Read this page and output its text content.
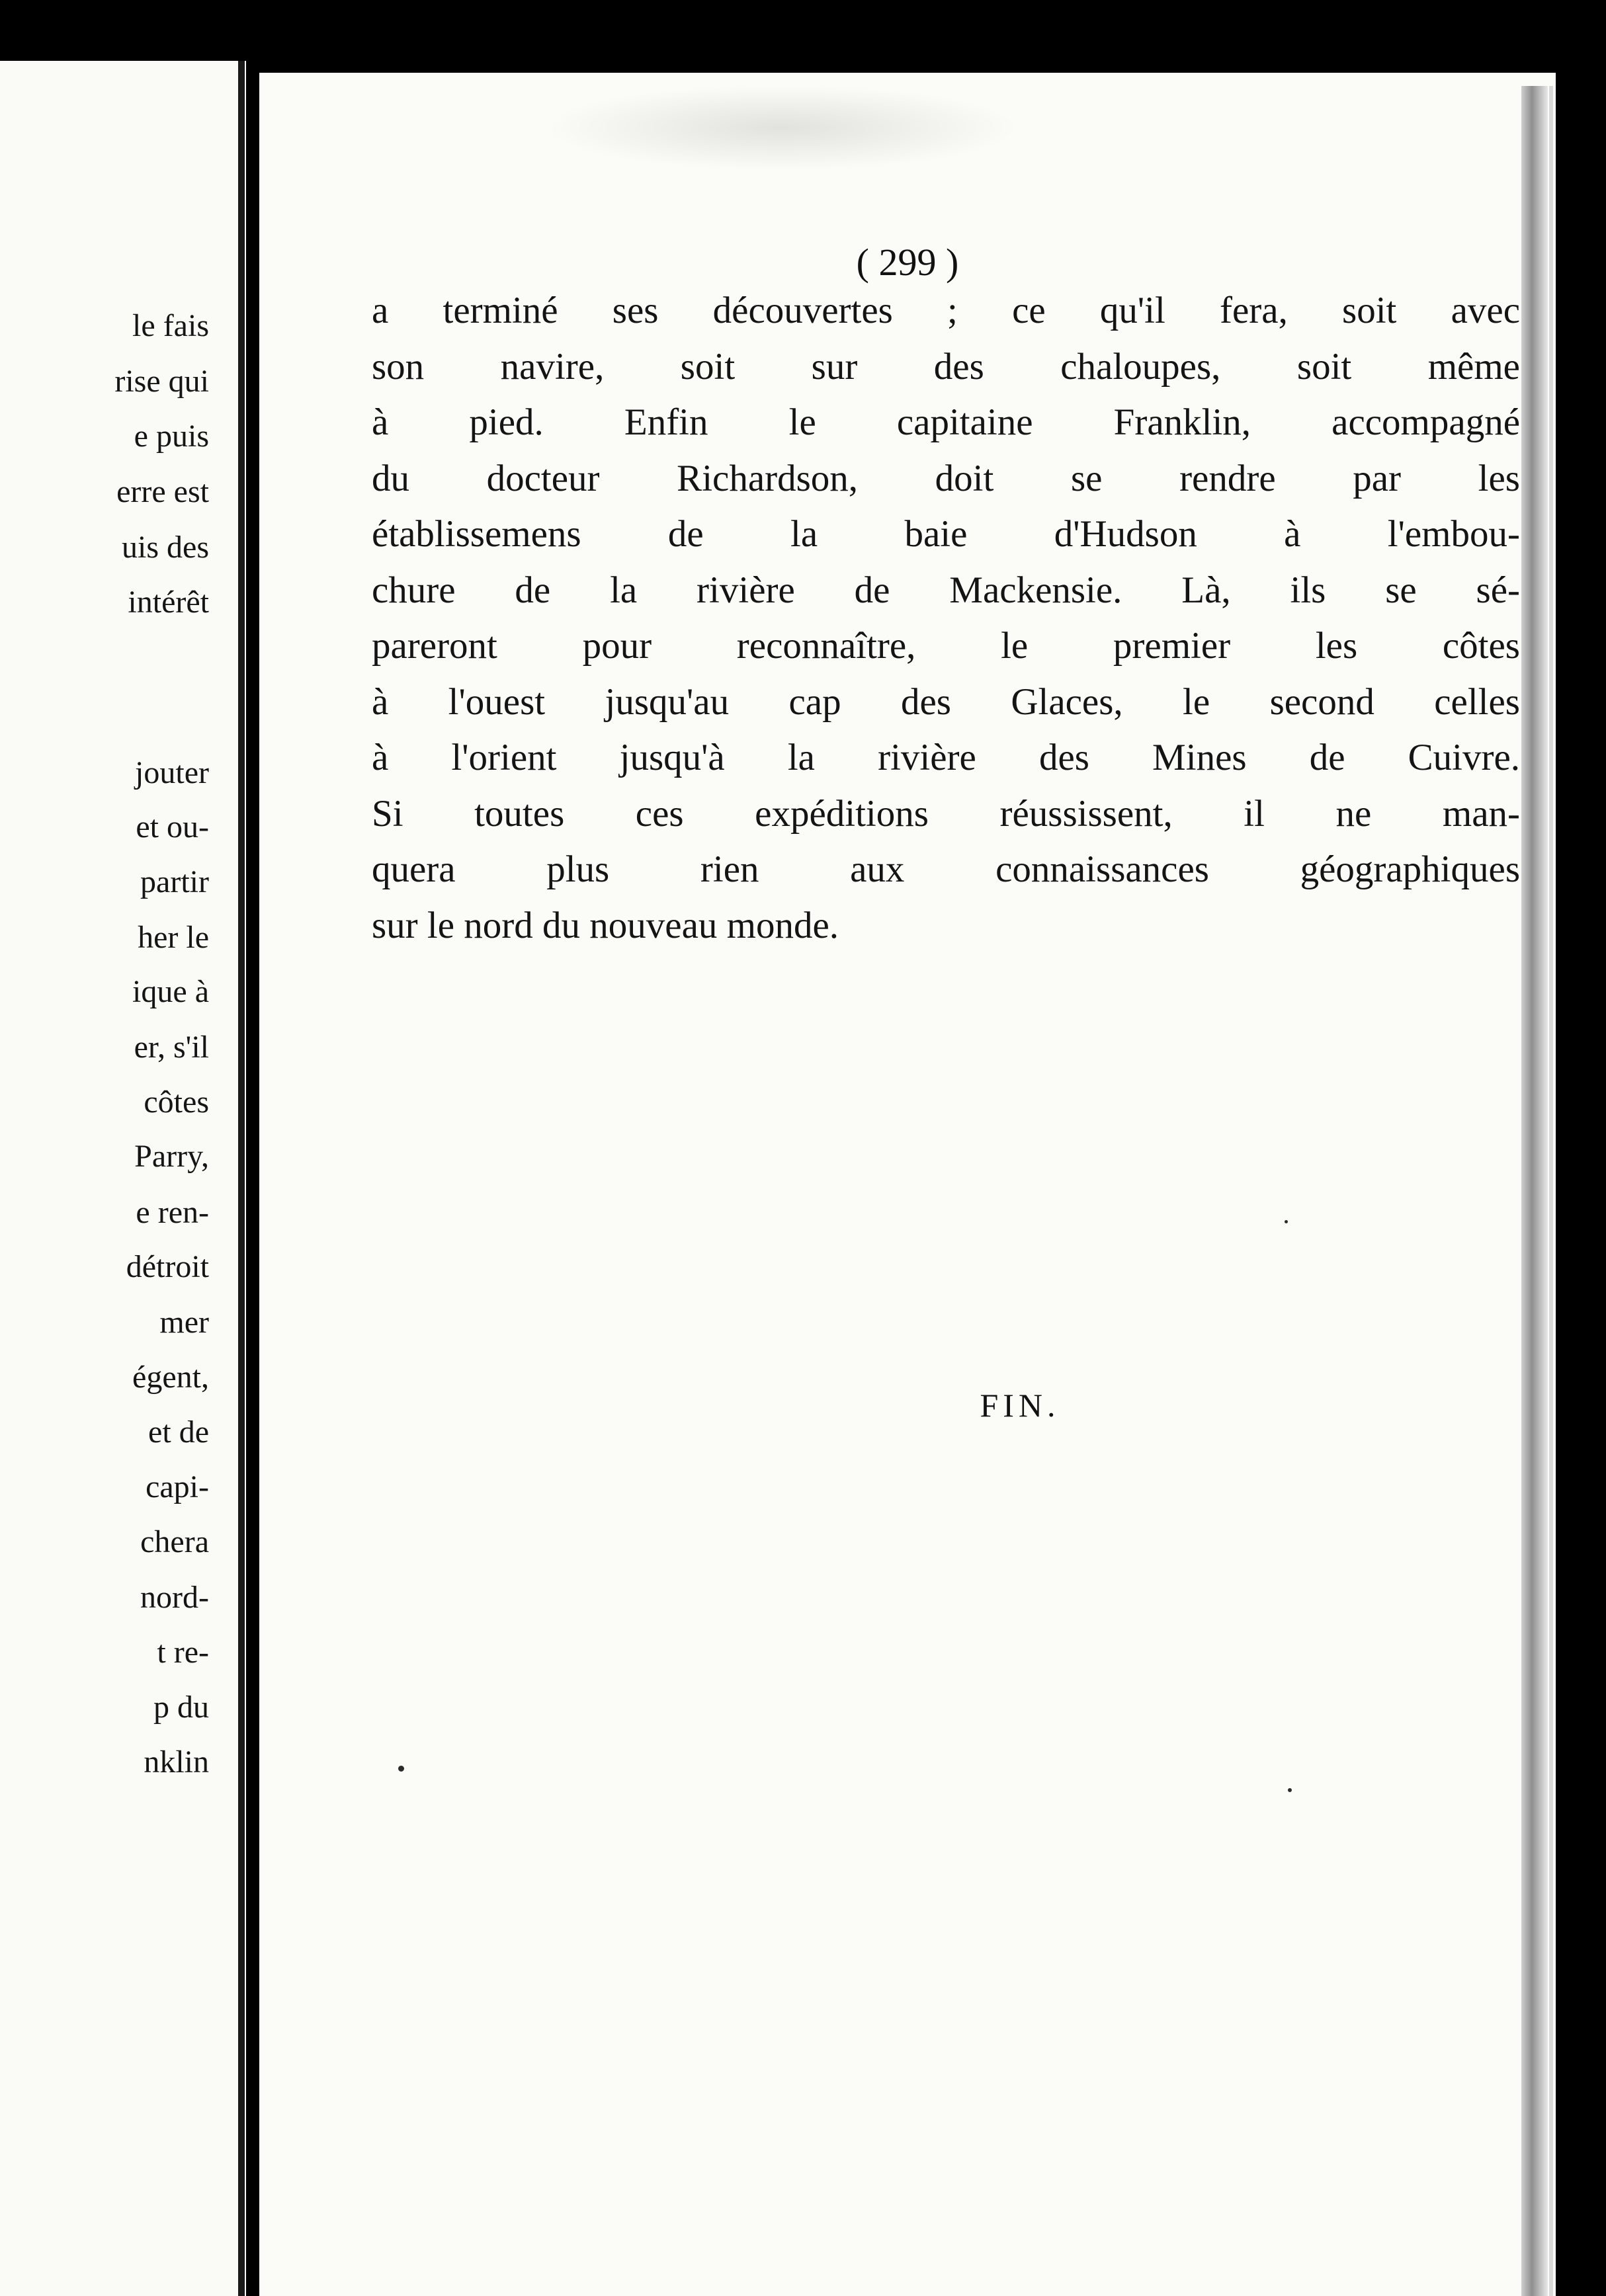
le fais
rise qui
e puis
erre est
uis des
intérêt
jouter
et ou-
partir
her le
ique à
er, s'il
côtes
Parry,
e ren-
détroit
mer
égent,
et de
capi-
chera
nord-
t re-
p du
nklin
( 299 )
a terminé ses découvertes ; ce qu'il fera, soit avec
son navire, soit sur des chaloupes, soit même
à pied. Enfin le capitaine Franklin, accompagné
du docteur Richardson, doit se rendre par les
établissemens de la baie d'Hudson à l'embou-
chure de la rivière de Mackensie. Là, ils se sé-
pareront pour reconnaître, le premier les côtes
à l'ouest jusqu'au cap des Glaces, le second celles
à l'orient jusqu'à la rivière des Mines de Cuivre.
Si toutes ces expéditions réussissent, il ne man-
quera plus rien aux connaissances géographiques
sur le nord du nouveau monde.
FIN.
